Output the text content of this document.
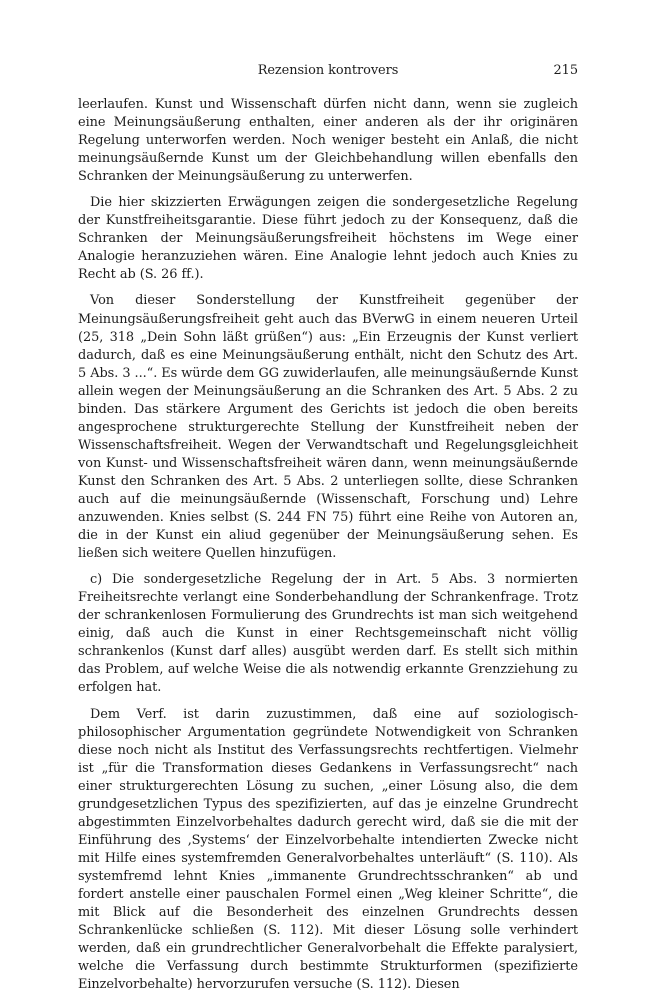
Rezension kontrovers	215

leerlaufen. Kunst und Wissenschaft dürfen nicht dann, wenn sie zugleich eine Meinungsäußerung enthalten, einer anderen als der ihr originären Regelung unterworfen werden. Noch weniger besteht ein Anlaß, die nicht meinungsäußernde Kunst um der Gleichbehandlung willen ebenfalls den Schranken der Meinungsäußerung zu unterwerfen.

Die hier skizzierten Erwägungen zeigen die sondergesetzliche Regelung der Kunstfreiheitsgarantie. Diese führt jedoch zu der Konsequenz, daß die Schranken der Meinungsäußerungsfreiheit höchstens im Wege einer Analogie heranzuziehen wären. Eine Analogie lehnt jedoch auch Knies zu Recht ab (S. 26 ff.).

Von dieser Sonderstellung der Kunstfreiheit gegenüber der Meinungsäußerungsfreiheit geht auch das BVerwG in einem neueren Urteil (25, 318 „Dein Sohn läßt grüßen“) aus: „Ein Erzeugnis der Kunst verliert dadurch, daß es eine Meinungsäußerung enthält, nicht den Schutz des Art. 5 Abs. 3 ...“. Es würde dem GG zuwiderlaufen, alle meinungsäußernde Kunst allein wegen der Meinungsäußerung an die Schranken des Art. 5 Abs. 2 zu binden. Das stärkere Argument des Gerichts ist jedoch die oben bereits angesprochene strukturgerechte Stellung der Kunstfreiheit neben der Wissenschaftsfreiheit. Wegen der Verwandtschaft und Regelungsgleichheit von Kunst- und Wissenschaftsfreiheit wären dann, wenn meinungsäußernde Kunst den Schranken des Art. 5 Abs. 2 unterliegen sollte, diese Schranken auch auf die meinungsäußernde (Wissenschaft, Forschung und) Lehre anzuwenden. Knies selbst (S. 244 FN 75) führt eine Reihe von Autoren an, die in der Kunst ein aliud gegenüber der Meinungsäußerung sehen. Es ließen sich weitere Quellen hinzufügen.

c) Die sondergesetzliche Regelung der in Art. 5 Abs. 3 normierten Freiheitsrechte verlangt eine Sonderbehandlung der Schrankenfrage. Trotz der schrankenlosen Formulierung des Grundrechts ist man sich weitgehend einig, daß auch die Kunst in einer Rechtsgemeinschaft nicht völlig schrankenlos (Kunst darf alles) ausgübt werden darf. Es stellt sich mithin das Problem, auf welche Weise die als notwendig erkannte Grenzziehung zu erfolgen hat.

Dem Verf. ist darin zuzustimmen, daß eine auf soziologisch-philosophischer Argumentation gegründete Notwendigkeit von Schranken diese noch nicht als Institut des Verfassungsrechts rechtfertigen. Vielmehr ist „für die Transformation dieses Gedankens in Verfassungsrecht“ nach einer strukturgerechten Lösung zu suchen, „einer Lösung also, die dem grundgesetzlichen Typus des spezifizierten, auf das je einzelne Grundrecht abgestimmten Einzelvorbehaltes dadurch gerecht wird, daß sie die mit der Einführung des ‚Systems‘ der Einzelvorbehalte intendierten Zwecke nicht mit Hilfe eines systemfremden Generalvorbehaltes unterläuft“ (S. 110). Als systemfremd lehnt Knies „immanente Grundrechtsschranken“ ab und fordert anstelle einer pauschalen Formel einen „Weg kleiner Schritte“, die mit Blick auf die Besonderheit des einzelnen Grundrechts dessen Schrankenlücke schließen (S. 112). Mit dieser Lösung solle verhindert werden, daß ein grundrechtlicher Generalvorbehalt die Effekte paralysiert, welche die Verfassung durch bestimmte Strukturformen (spezifizierte Einzelvorbehalte) hervorzurufen versuche (S. 112). Diesen
